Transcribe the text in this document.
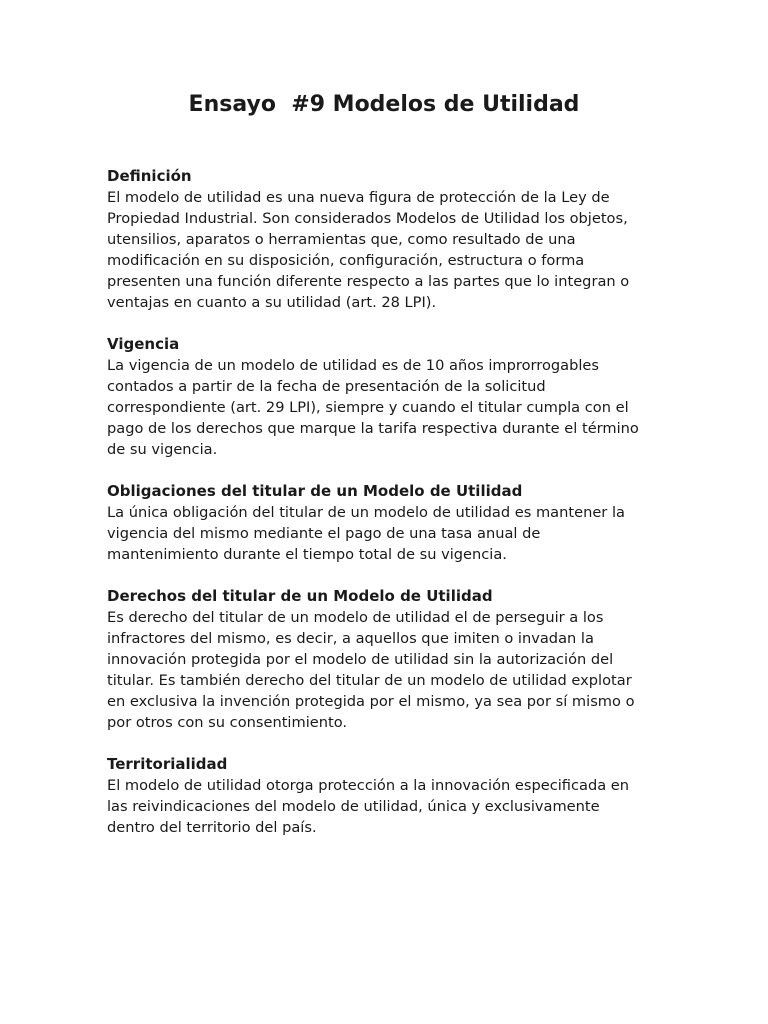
Ensayo  #9 Modelos de Utilidad
Definición
El modelo de utilidad es una nueva figura de protección de la Ley de
Propiedad Industrial. Son considerados Modelos de Utilidad los objetos,
utensilios, aparatos o herramientas que, como resultado de una
modificación en su disposición, configuración, estructura o forma
presenten una función diferente respecto a las partes que lo integran o
ventajas en cuanto a su utilidad (art. 28 LPI).
Vigencia
La vigencia de un modelo de utilidad es de 10 años improrrogables
contados a partir de la fecha de presentación de la solicitud
correspondiente (art. 29 LPI), siempre y cuando el titular cumpla con el
pago de los derechos que marque la tarifa respectiva durante el término
de su vigencia.
Obligaciones del titular de un Modelo de Utilidad
La única obligación del titular de un modelo de utilidad es mantener la
vigencia del mismo mediante el pago de una tasa anual de
mantenimiento durante el tiempo total de su vigencia.
Derechos del titular de un Modelo de Utilidad
Es derecho del titular de un modelo de utilidad el de perseguir a los
infractores del mismo, es decir, a aquellos que imiten o invadan la
innovación protegida por el modelo de utilidad sin la autorización del
titular. Es también derecho del titular de un modelo de utilidad explotar
en exclusiva la invención protegida por el mismo, ya sea por sí mismo o
por otros con su consentimiento.
Territorialidad
El modelo de utilidad otorga protección a la innovación especificada en
las reivindicaciones del modelo de utilidad, única y exclusivamente
dentro del territorio del país.
